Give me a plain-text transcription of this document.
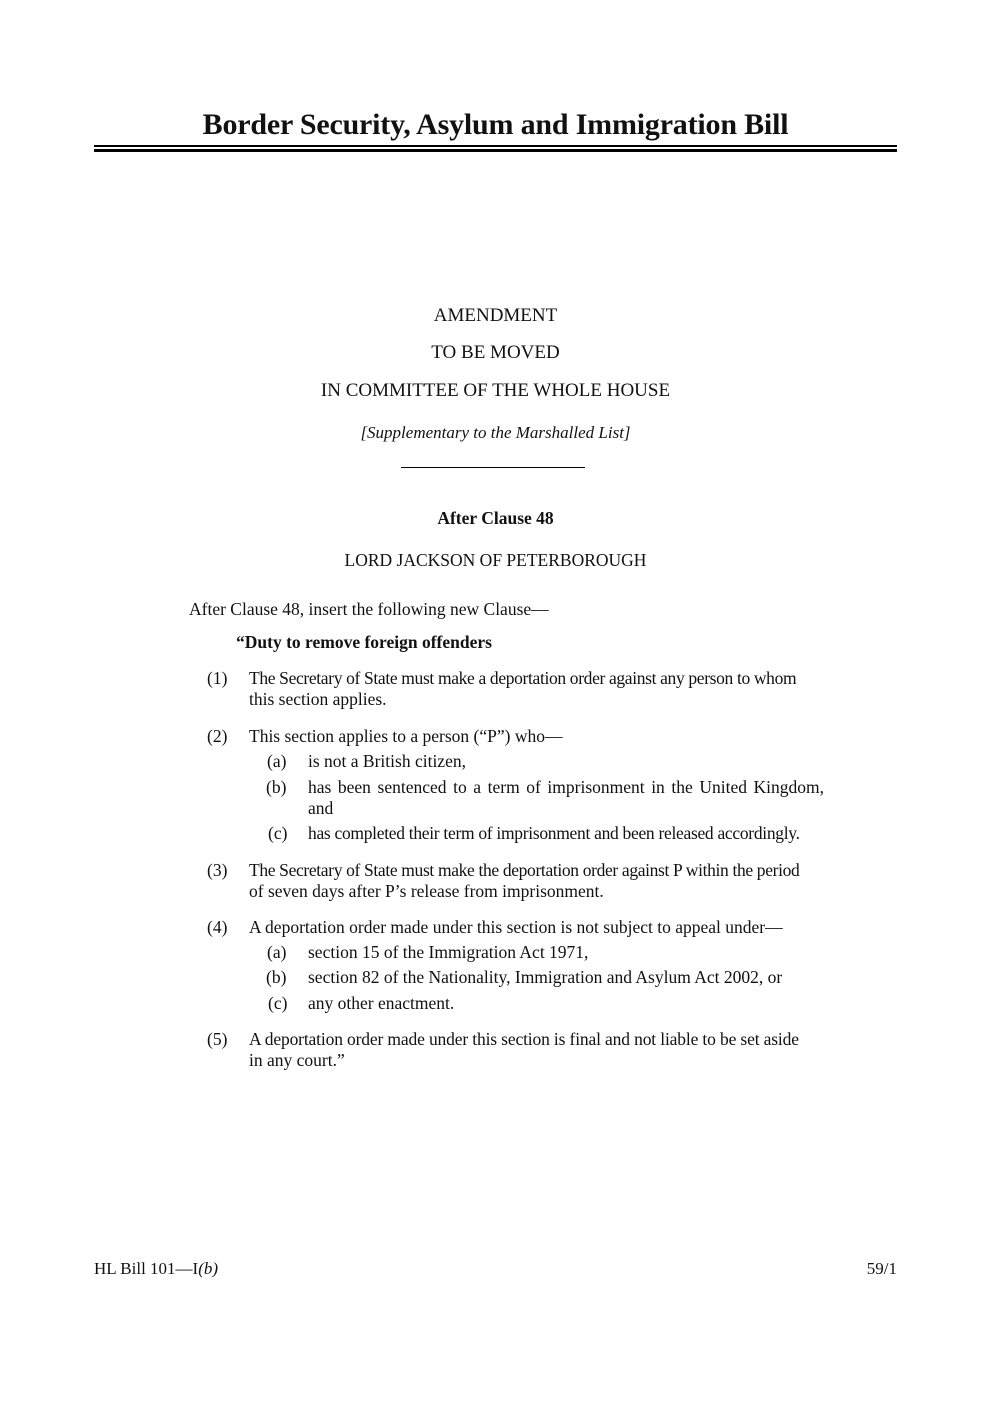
Border Security, Asylum and Immigration Bill
AMENDMENT
TO BE MOVED
IN COMMITTEE OF THE WHOLE HOUSE
[Supplementary to the Marshalled List]
After Clause 48
LORD JACKSON OF PETERBOROUGH
After Clause 48, insert the following new Clause—
“Duty to remove foreign offenders
(1) The Secretary of State must make a deportation order against any person to whom
this section applies.
(2) This section applies to a person (“P”) who—
(a) is not a British citizen,
(b) has been sentenced to a term of imprisonment in the United Kingdom,
and
(c) has completed their term of imprisonment and been released accordingly.
(3) The Secretary of State must make the deportation order against P within the period
of seven days after P’s release from imprisonment.
(4) A deportation order made under this section is not subject to appeal under—
(a) section 15 of the Immigration Act 1971,
(b) section 82 of the Nationality, Immigration and Asylum Act 2002, or
(c) any other enactment.
(5) A deportation order made under this section is final and not liable to be set aside
in any court.”
HL Bill 101—I(b)	59/1
